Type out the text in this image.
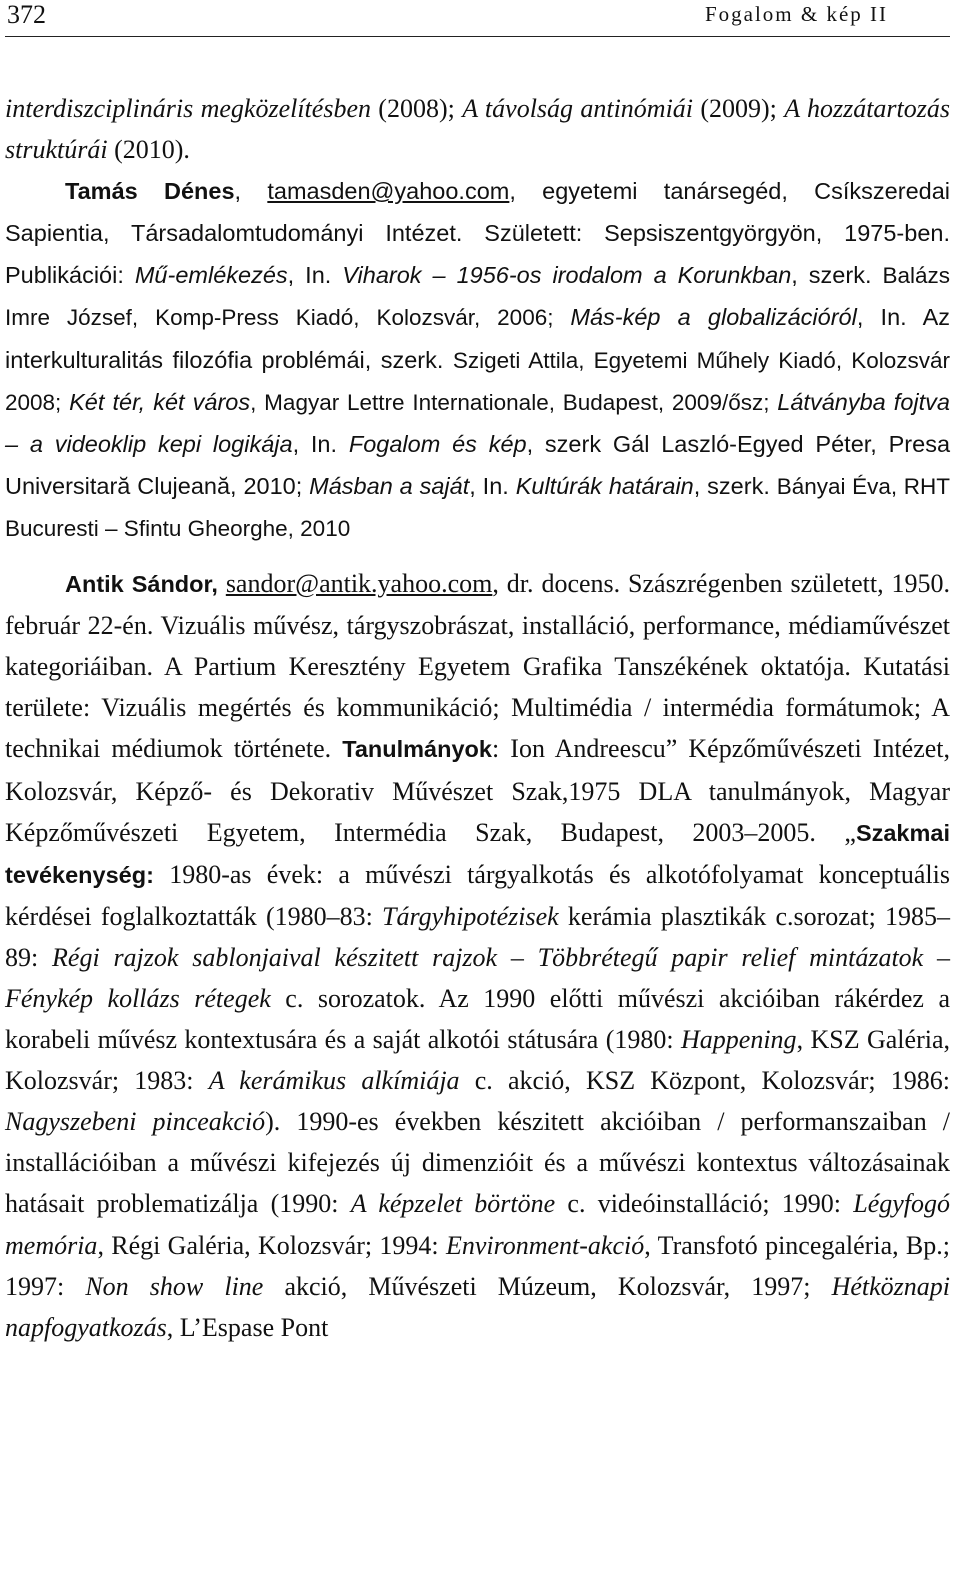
372	Fogalom & kép II

interdiszciplináris megközelítésben (2008); A távolság antinómiái (2009); A hozzátartozás struktúrái (2010).

Tamás Dénes, tamasden@yahoo.com, egyetemi tanársegéd, Csíkszeredai Sapientia, Társadalomtudományi Intézet. Született: Sepsiszentgyörgyön, 1975-ben. Publikációi: Mű-emlékezés, In. Viharok – 1956-os irodalom a Korunkban, szerk. Balázs Imre József, Komp-Press Kiadó, Kolozsvár, 2006; Más-kép a globalizációról, In. Az interkulturalitás filozófia problémái, szerk. Szigeti Attila, Egyetemi Műhely Kiadó, Kolozsvár 2008; Két tér, két város, Magyar Lettre Internationale, Budapest, 2009/ősz; Látványba fojtva – a videoklip kepi logikája, In. Fogalom és kép, szerk Gál Laszló-Egyed Péter, Presa Universitară Clujeană, 2010; Másban a saját, In. Kultúrák határain, szerk. Bányai Éva, RHT Bucuresti – Sfintu Gheorghe, 2010

Antik Sándor, sandor@antik.yahoo.com, dr. docens. Szászrégenben született, 1950. február 22-én. Vizuális művész, tárgyszobrászat, installáció, performance, médiaművészet kategoriáiban. A Partium Keresztény Egyetem Grafika Tanszékének oktatója. Kutatási területe: Vizuális megértés és kommunikáció; Multimédia / intermédia formátumok; A technikai médiumok története. Tanulmányok: Ion Andreescu” Képzőművészeti Intézet, Kolozsvár, Képző- és Dekorativ Művészet Szak,1975 DLA tanulmányok, Magyar Képzőművészeti Egyetem, Intermédia Szak, Budapest, 2003–2005. „Szakmai tevékenység: 1980-as évek: a művészi tárgyalkotás és alkotófolyamat konceptuális kérdései foglalkoztatták (1980–83: Tárgyhipotézisek kerámia plasztikák c.sorozat; 1985–89: Régi rajzok sablonjaival készitett rajzok – Többrétegű papir relief mintázatok – Fénykép kollázs rétegek c. sorozatok. Az 1990 előtti művészi akcióiban rákérdez a korabeli művész kontextusára és a saját alkotói státusára (1980: Happening, KSZ Galéria, Kolozsvár; 1983: A kerámikus alkímiája c. akció, KSZ Központ, Kolozsvár; 1986: Nagyszebeni pinceakció). 1990-es években készitett akcióiban / performanszaiban / installációiban a művészi kifejezés új dimenzióit és a művészi kontextus változásainak hatásait problematizálja (1990: A képzelet börtöne c. videóinstalláció; 1990: Légyfogó memória, Régi Galéria, Kolozsvár; 1994: Environment-akció, Transfotó pincegaléria, Bp.; 1997: Non show line akció, Művészeti Múzeum, Kolozsvár, 1997; Hétköznapi napfogyatkozás, L’Espase Pont
